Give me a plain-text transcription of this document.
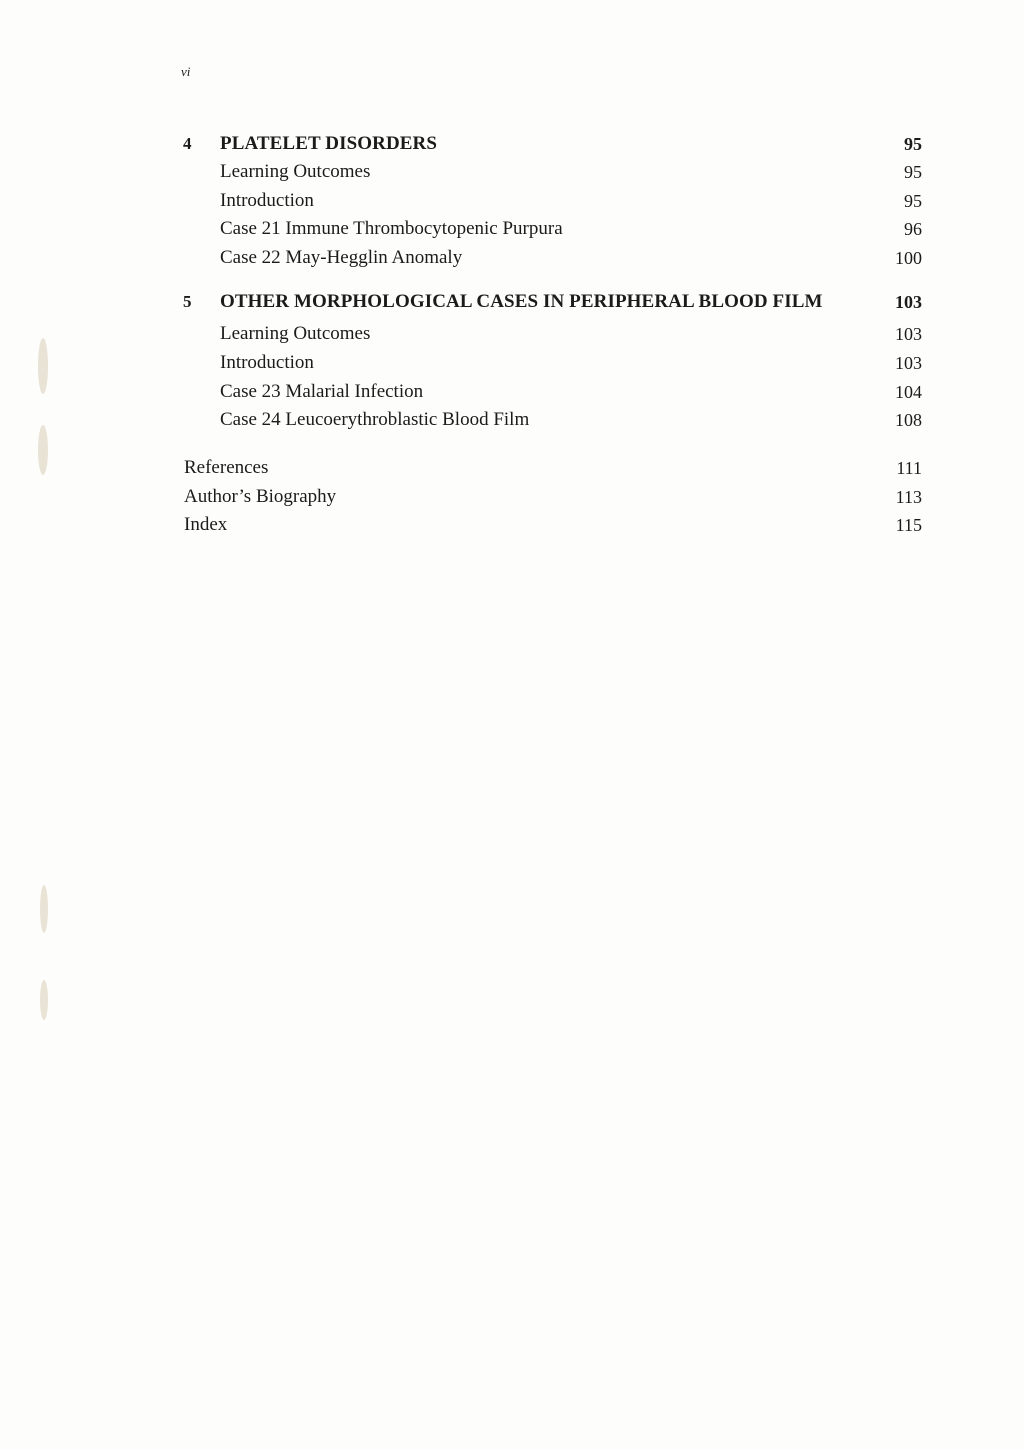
vi
4 PLATELET DISORDERS	95
Learning Outcomes	95
Introduction	95
Case 21 Immune Thrombocytopenic Purpura	96
Case 22 May-Hegglin Anomaly	100
5 OTHER MORPHOLOGICAL CASES IN PERIPHERAL BLOOD FILM	103
Learning Outcomes	103
Introduction	103
Case 23 Malarial Infection	104
Case 24 Leucoerythroblastic Blood Film	108
References	111
Author’s Biography	113
Index	115
